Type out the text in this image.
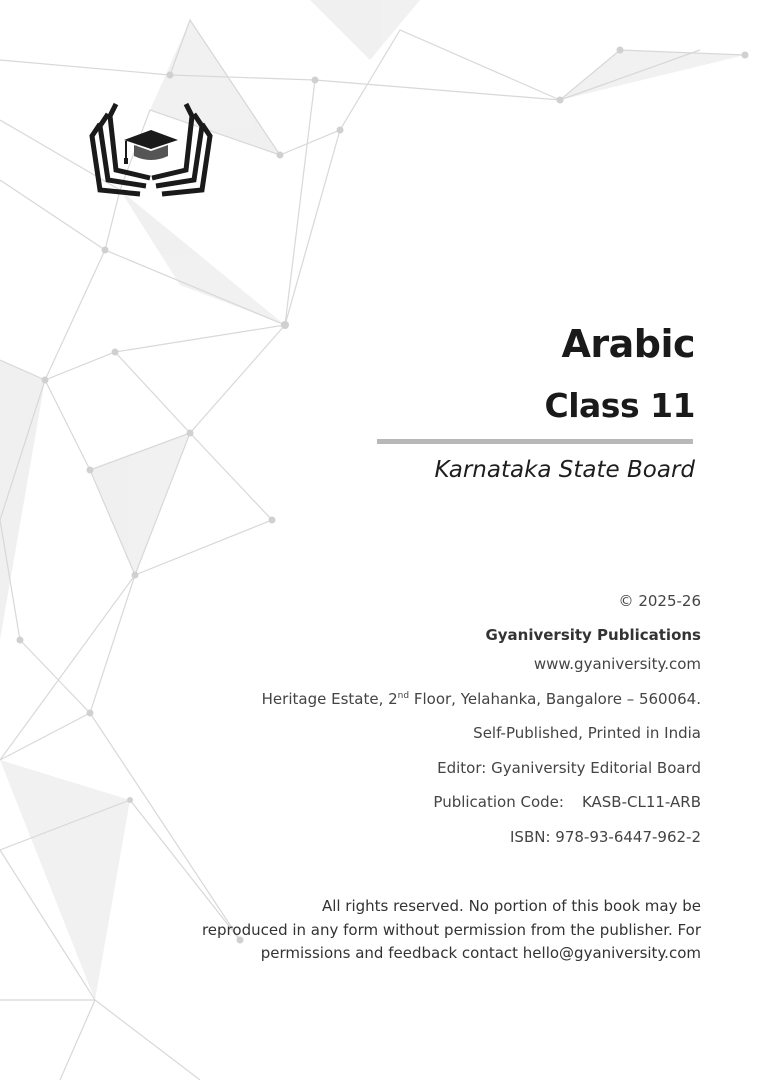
Arabic
Class 11
Karnataka State Board
© 2025-26
Gyaniversity Publications
www.gyaniversity.com
Heritage Estate, 2nd Floor, Yelahanka, Bangalore – 560064.
Self-Published, Printed in India
Editor: Gyaniversity Editorial Board
Publication Code: KASB-CL11-ARB
ISBN: 978-93-6447-962-2
All rights reserved. No portion of this book may be
reproduced in any form without permission from the publisher. For
permissions and feedback contact hello@gyaniversity.com
